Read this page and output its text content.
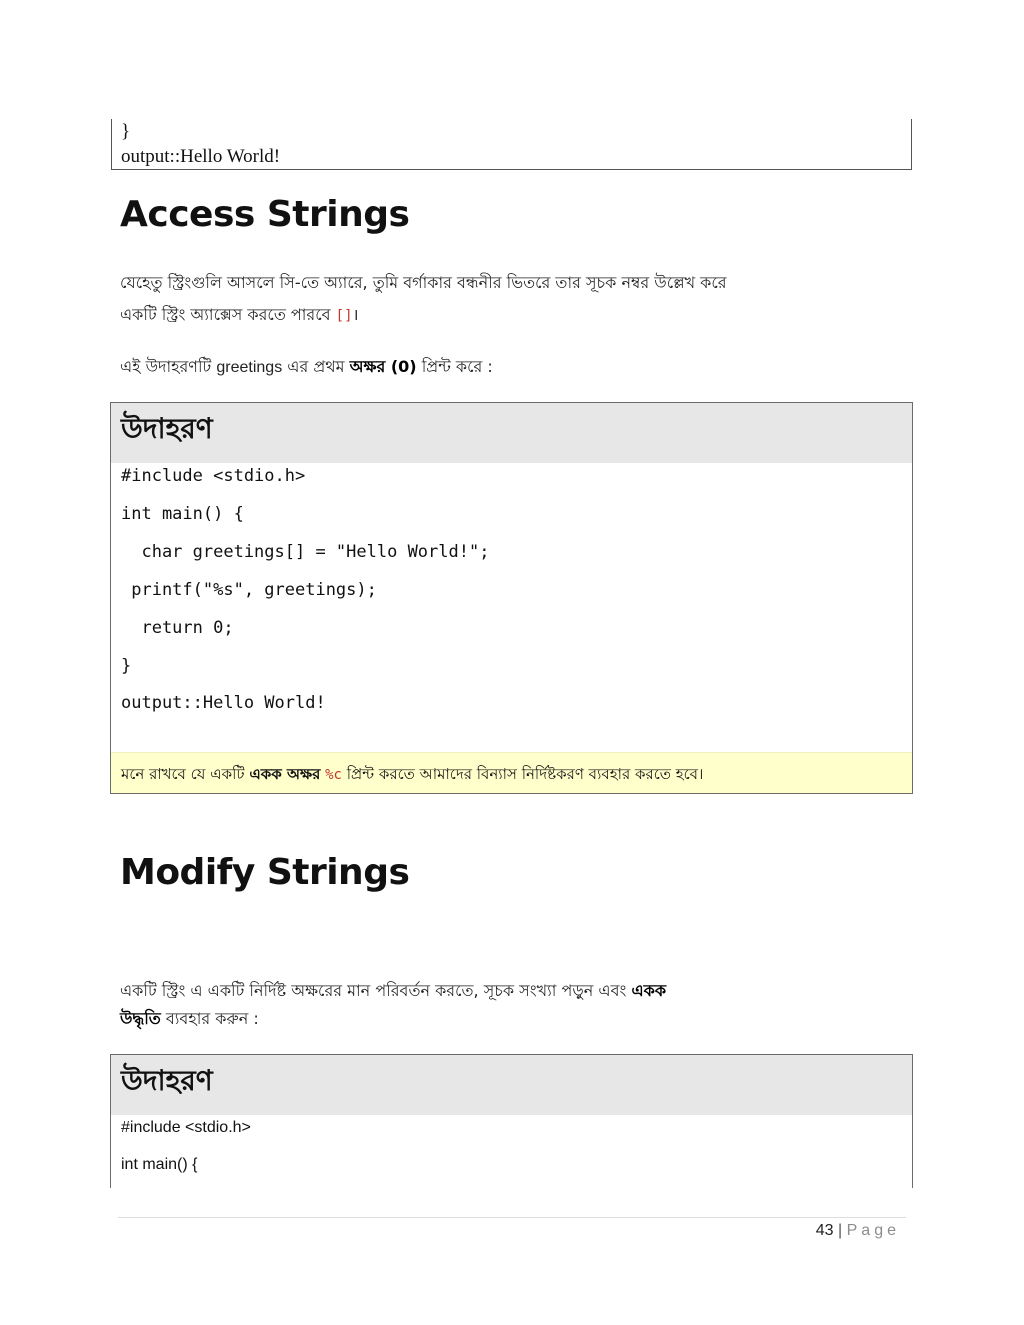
}
output::Hello World!
Access Strings
যেহেতু স্ট্রিংগুলি আসলে সি-তে অ্যারে, তুমি বর্গাকার বন্ধনীর ভিতরে তার সূচক নম্বর উল্লেখ করে
একটি স্ট্রিং অ্যাক্সেস করতে পারবে []।
এই উদাহরণটি greetings এর প্রথম অক্ষর (0) প্রিন্ট করে :
উদাহরণ
#include <stdio.h>
int main() {
char greetings[] = "Hello World!";
printf("%s", greetings);
return 0;
}
output::Hello World!
মনে রাখবে যে একটি একক অক্ষর %c প্রিন্ট করতে আমাদের বিন্যাস নির্দিষ্টকরণ ব্যবহার করতে হবে।
Modify Strings
একটি স্ট্রিং এ একটি নির্দিষ্ট অক্ষরের মান পরিবর্তন করতে, সূচক সংখ্যা পড়ুন এবং একক
উদ্ধৃতি ব্যবহার করুন :
উদাহরণ
#include <stdio.h>
int main() {
43 | Page
